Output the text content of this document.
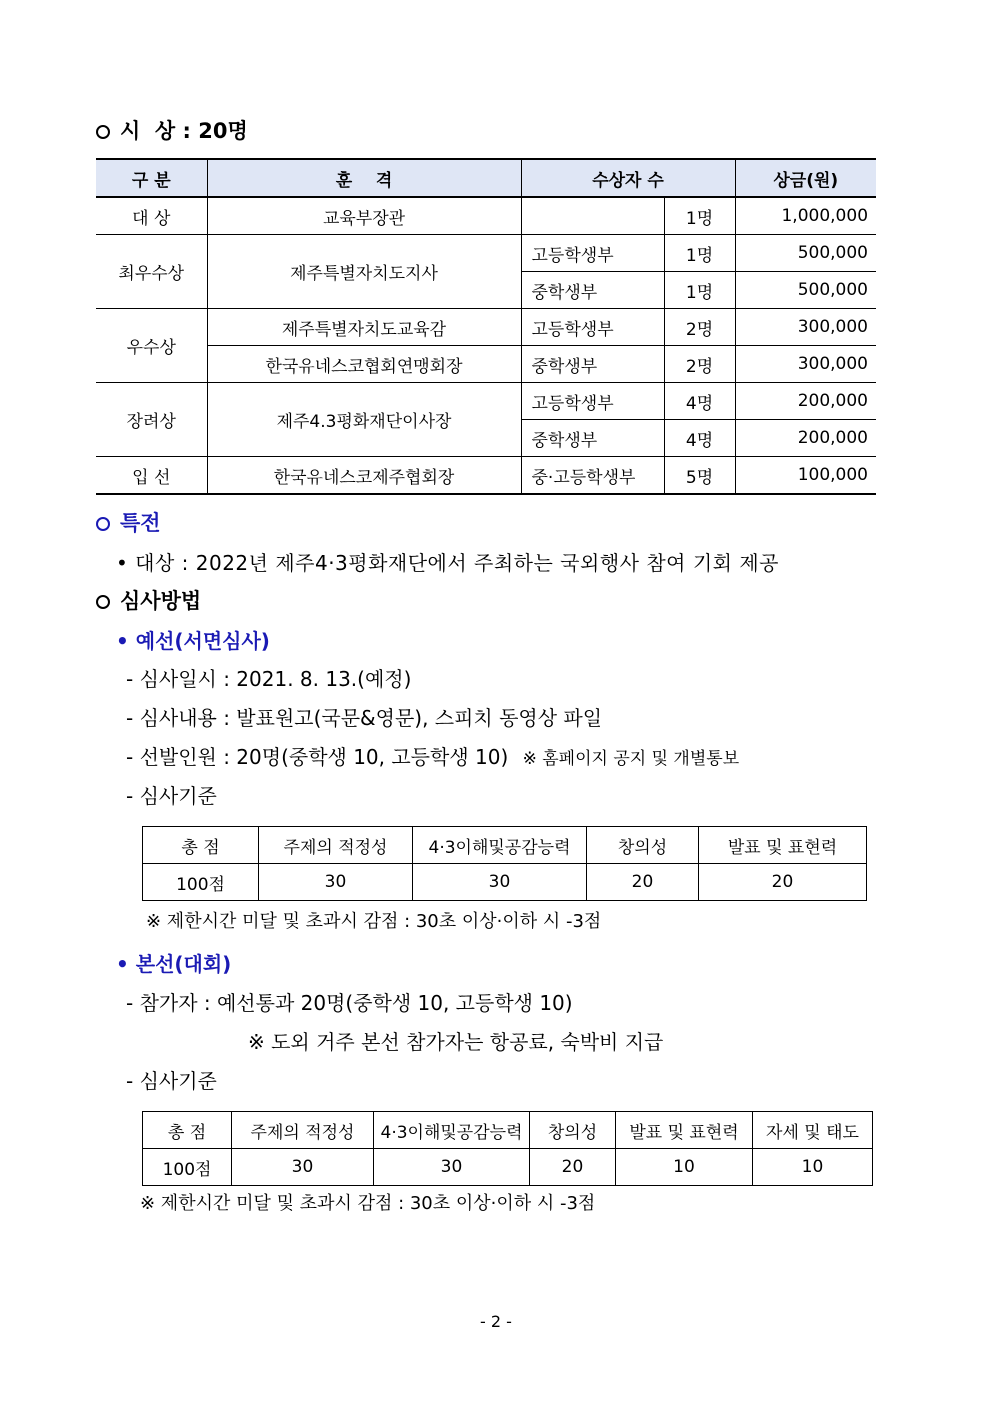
시  상 : 20명
구 분	훈    격	수상자 수		상금(원)
대 상	교육부장관		1명	1,000,000
최우수상	제주특별자치도지사	고등학생부	1명	500,000
		중학생부	1명	500,000
우수상	제주특별자치도교육감	고등학생부	2명	300,000
	한국유네스코협회연맹회장	중학생부	2명	300,000
장려상	제주4.3평화재단이사장	고등학생부	4명	200,000
		중학생부	4명	200,000
입 선	한국유네스코제주협회장	중·고등학생부	5명	100,000
특전
• 대상 : 2022년 제주4·3평화재단에서 주최하는 국외행사 참여 기회 제공
심사방법
• 예선(서면심사)
- 심사일시 : 2021. 8. 13.(예정)
- 심사내용 : 발표원고(국문&영문), 스피치 동영상 파일
- 선발인원 : 20명(중학생 10, 고등학생 10) ※ 홈페이지 공지 및 개별통보
- 심사기준
총 점	주제의 적정성	4·3이해및공감능력	창의성	발표 및 표현력
100점	30	30	20	20
※ 제한시간 미달 및 초과시 감점 : 30초 이상·이하 시 -3점
• 본선(대회)
- 참가자 : 예선통과 20명(중학생 10, 고등학생 10)
※ 도외 거주 본선 참가자는 항공료, 숙박비 지급
- 심사기준
총 점	주제의 적정성	4·3이해및공감능력	창의성	발표 및 표현력	자세 및 태도
100점	30	30	20	10	10
※ 제한시간 미달 및 초과시 감점 : 30초 이상·이하 시 -3점
- 2 -
